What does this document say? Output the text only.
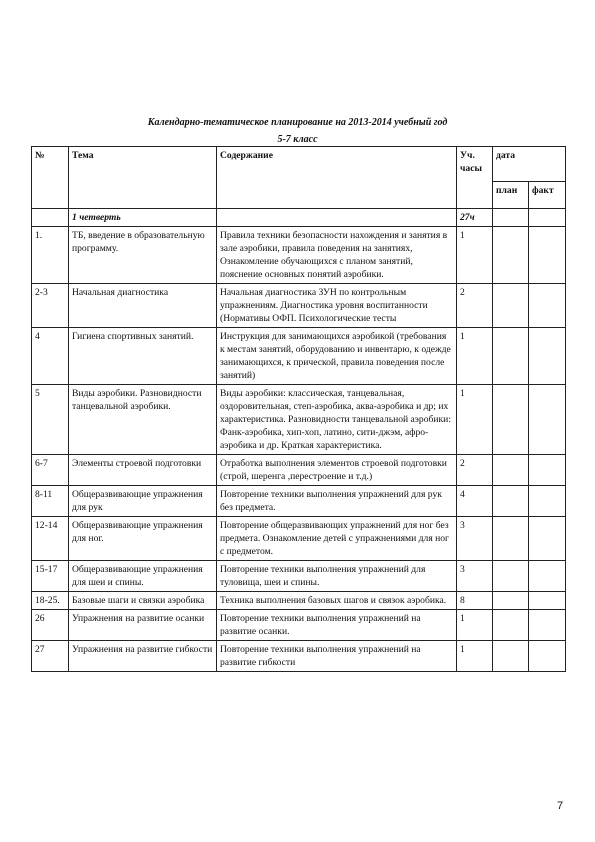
Календарно-тематическое планирование на 2013-2014 учебный год
5-7 класс
№	Тема	Содержание	Уч. часы	дата	
				план	факт
	1 четверть		27ч		
1.	ТБ, введение в образовательную программу.	Правила техники безопасности нахождения и занятия в зале аэробики, правила поведения на занятиях, Ознакомление обучающихся с планом занятий, пояснение основных понятий аэробики.	1		
2-3	Начальная диагностика	Начальная диагностика ЗУН по контрольным упражнениям. Диагностика уровня воспитанности (Нормативы ОФП. Психологические тесты	2		
4	Гигиена спортивных занятий.	Инструкция для занимающихся аэробикой (требования к местам занятий, оборудованию и инвентарю, к одежде занимающихся, к прической, правила поведения после занятий)	1		
5	Виды аэробики. Разновидности танцевальной аэробики.	Виды аэробики: классическая, танцевальная, оздоровительная, степ-аэробика, аква-аэробика и др; их характеристика. Разновидности танцевальной аэробики: Фанк-аэробика, хип-хоп, латино, сити-джэм, афро-аэробика и др. Краткая характеристика.	1		
6-7	Элементы строевой подготовки	Отработка выполнения элементов строевой подготовки (строй, шеренга ,перестроение и т.д.)	2		
8-11	Общеразвивающие упражнения для рук	Повторение техники выполнения упражнений для рук без предмета.	4		
12-14	Общеразвивающие упражнения для ног.	Повторение общеразвивающих упражнений для ног без предмета. Ознакомление детей с упражнениями для ног с предметом.	3		
15-17	Общеразвивающие упражнения для шеи и спины.	Повторение техники выполнения упражнений для туловища, шеи и спины.	3		
18-25.	Базовые шаги и связки аэробика	Техника выполнения базовых шагов и связок аэробика.	8		
26	Упражнения на развитие осанки	Повторение техники выполнения упражнений на развитие осанки.	1		
27	Упражнения на развитие гибкости	Повторение техники выполнения упражнений на развитие гибкости	1		
7
